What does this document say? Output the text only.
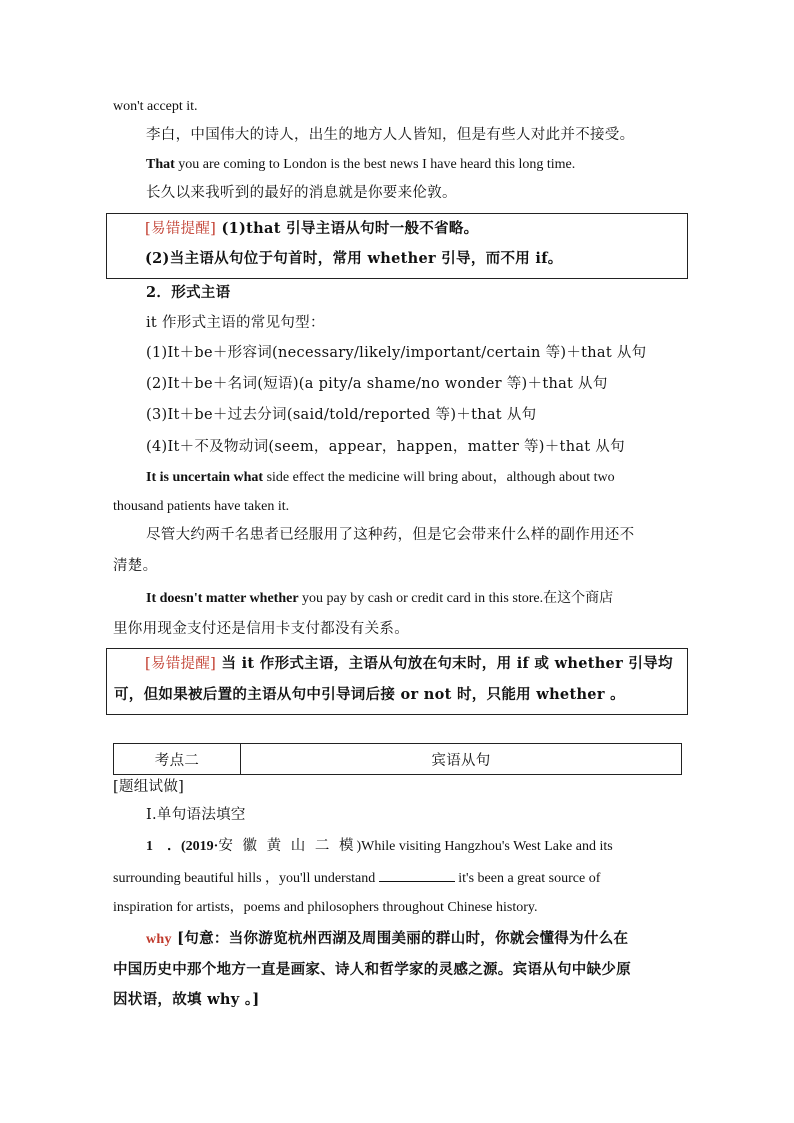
won't accept it.
李白，中国伟大的诗人，出生的地方人人皆知，但是有些人对此并不接受。
That you are coming to London is the best news I have heard this long time.
长久以来我听到的最好的消息就是你要来伦敦。
[易错提醒] (1)that 引导主语从句时一般不省略。
(2)当主语从句位于句首时，常用 whether 引导，而不用 if。
2．形式主语
it 作形式主语的常见句型：
(1)It＋be＋形容词(necessary/likely/important/certain 等)＋that 从句
(2)It＋be＋名词(短语)(a pity/a shame/no wonder 等)＋that 从句
(3)It＋be＋过去分词(said/told/reported 等)＋that 从句
(4)It＋不及物动词(seem，appear，happen，matter 等)＋that 从句
It is uncertain what side effect the medicine will bring about，although about two
thousand patients have taken it.
尽管大约两千名患者已经服用了这种药，但是它会带来什么样的副作用还不
清楚。
It doesn't matter whether you pay by cash or credit card in this store.在这个商店
里你用现金支付还是信用卡支付都没有关系。
[易错提醒] 当 it 作形式主语，主语从句放在句末时，用 if 或 whether 引导均
可，但如果被后置的主语从句中引导词后接 or not 时，只能用 whether 。
考点二	宾语从句
[题组试做]
Ⅰ.单句语法填空
1　．(2019·安 徽 黄 山 二 模)While visiting Hangzhou's West Lake and its
surrounding beautiful hills ，you'll understand	it's been a great source of
inspiration for artists，poems and philosophers throughout Chinese history.
why [句意：当你游览杭州西湖及周围美丽的群山时，你就会懂得为什么在
中国历史中那个地方一直是画家、诗人和哲学家的灵感之源。宾语从句中缺少原
因状语，故填 why 。]
